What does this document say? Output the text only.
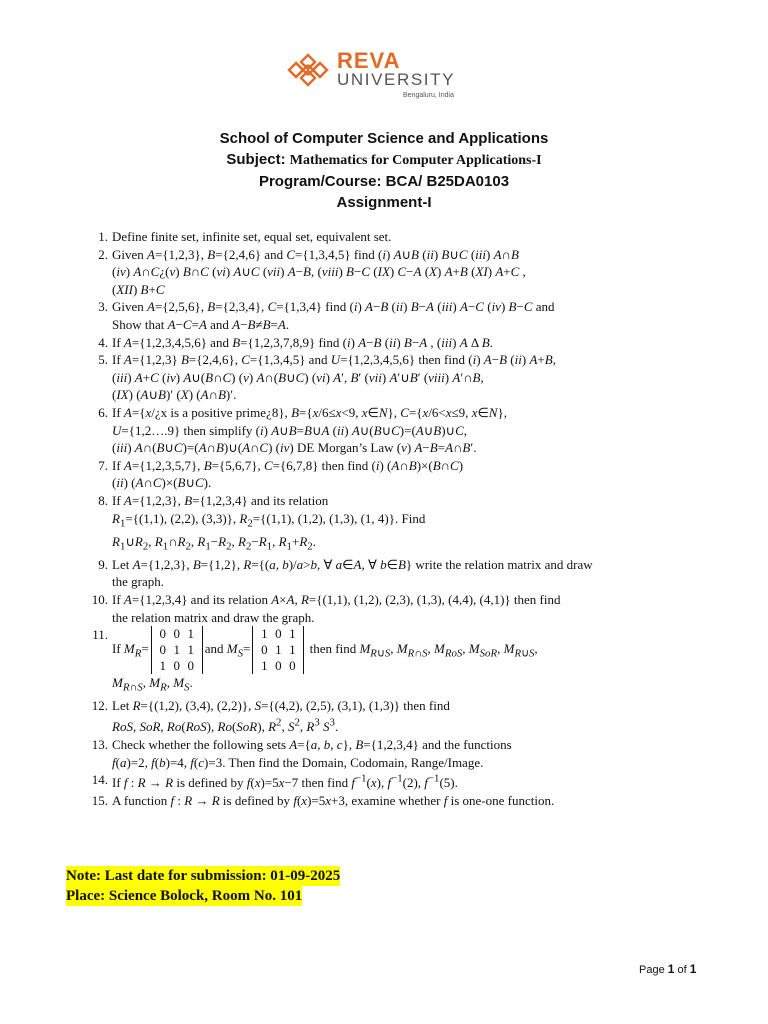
REVA
UNIVERSITY
Bengaluru, India
School of Computer Science and Applications
Subject: Mathematics for Computer Applications-I
Program/Course: BCA/ B25DA0103
Assignment-I
1. Define finite set, infinite set, equal set, equivalent set.
2. Given A={1,2,3}, B={2,4,6} and C={1,3,4,5} find (i) A∪B (ii) B∪C (iii) A∩B
(iv) A∩C¿(v) B∩C (vi) A∪C (vii) A−B, (viii) B−C (IX) C−A (X) A+B (XI) A+C ,
(XII) B+C
3. Given A={2,5,6}, B={2,3,4}, C={1,3,4} find (i) A−B (ii) B−A (iii) A−C (iv) B−C and
Show that A−C=A and A−B≠B=A.
4. If A={1,2,3,4,5,6} and B={1,2,3,7,8,9} find (i) A−B (ii) B−A , (iii) A Δ B.
5. If A={1,2,3} B={2,4,6}, C={1,3,4,5} and U={1,2,3,4,5,6} then find (i) A−B (ii) A+B,
(iii) A+C (iv) A∪(B∩C) (v) A∩(B∪C) (vi) A′, B′ (vii) A′∪B′ (viii) A′∩B,
(IX) (A∪B)′ (X) (A∩B)′.
6. If A={x/¿x is a positive prime¿8}, B={x/6≤x<9, x∈N}, C={x/6<x≤9, x∈N},
U={1,2….9} then simplify (i) A∪B=B∪A (ii) A∪(B∪C)=(A∪B)∪C,
(iii) A∩(B∪C)=(A∩B)∪(A∩C) (iv) DE Morgan’s Law (v) A−B=A∩B′.
7. If A={1,2,3,5,7}, B={5,6,7}, C={6,7,8} then find (i) (A∩B)×(B∩C)
(ii) (A∩C)×(B∪C).
8. If A={1,2,3}, B={1,2,3,4} and its relation
$R_1=\{(1,1)$, (2,2), (3,3)}, $R_2=\{(1,1)$, (1,2), (1,3), (1, 4)}. Find
$R_1\cup R_2$, $R_1\cap R_2$, $R_1-R_2$, $R_2-R_1$, $R_1+R_2$.
9. Let A={1,2,3}, B={1,2}, R={(a, b)/a>b, ∀ a∈A, ∀ b∈B} write the relation matrix and draw
the graph.
10. If A={1,2,3,4} and its relation A×A, R={(1,1), (1,2), (2,3), (1,3), (4,4), (4,1)} then find
the relation matrix and draw the graph.
11.
If $M_R=0$ 0 1
0 1 1
1 0 0and $M_S=1$ 0 1
0 1 1
1 0 0 then find $M_{R\cup S}$, $M_{R\cap S}$, $M_{RoS}$, $M_{SoR}$, $M_{R\cup S}$,
$M_{R\cap S}$, $M_R$, $M_S$.
12. Let R={(1,2), (3,4), (2,2)}, S={(4,2), (2,5), (3,1), (1,3)} then find
RoS, SoR, Ro(RoS), Ro(SoR), $R^2$, $S^2$, $R^3$ $S^3$.
13. Check whether the following sets A={a, b, c}, B={1,2,3,4} and the functions
f(a)=2, f(b)=4, f(c)=3. Then find the Domain, Codomain, Range/Image.
14. If f : R → R is defined by f(x)=5x−7 then find $f^{-1}(x)$, $f^{-1}(2)$, $f^{-1}(5)$.
15. A function f : R → R is defined by f(x)=5x+3, examine whether f is one-one function.
Note: Last date for submission: 01-09-2025
Place: Science Bolock, Room No. 101
Page 1 of 1
